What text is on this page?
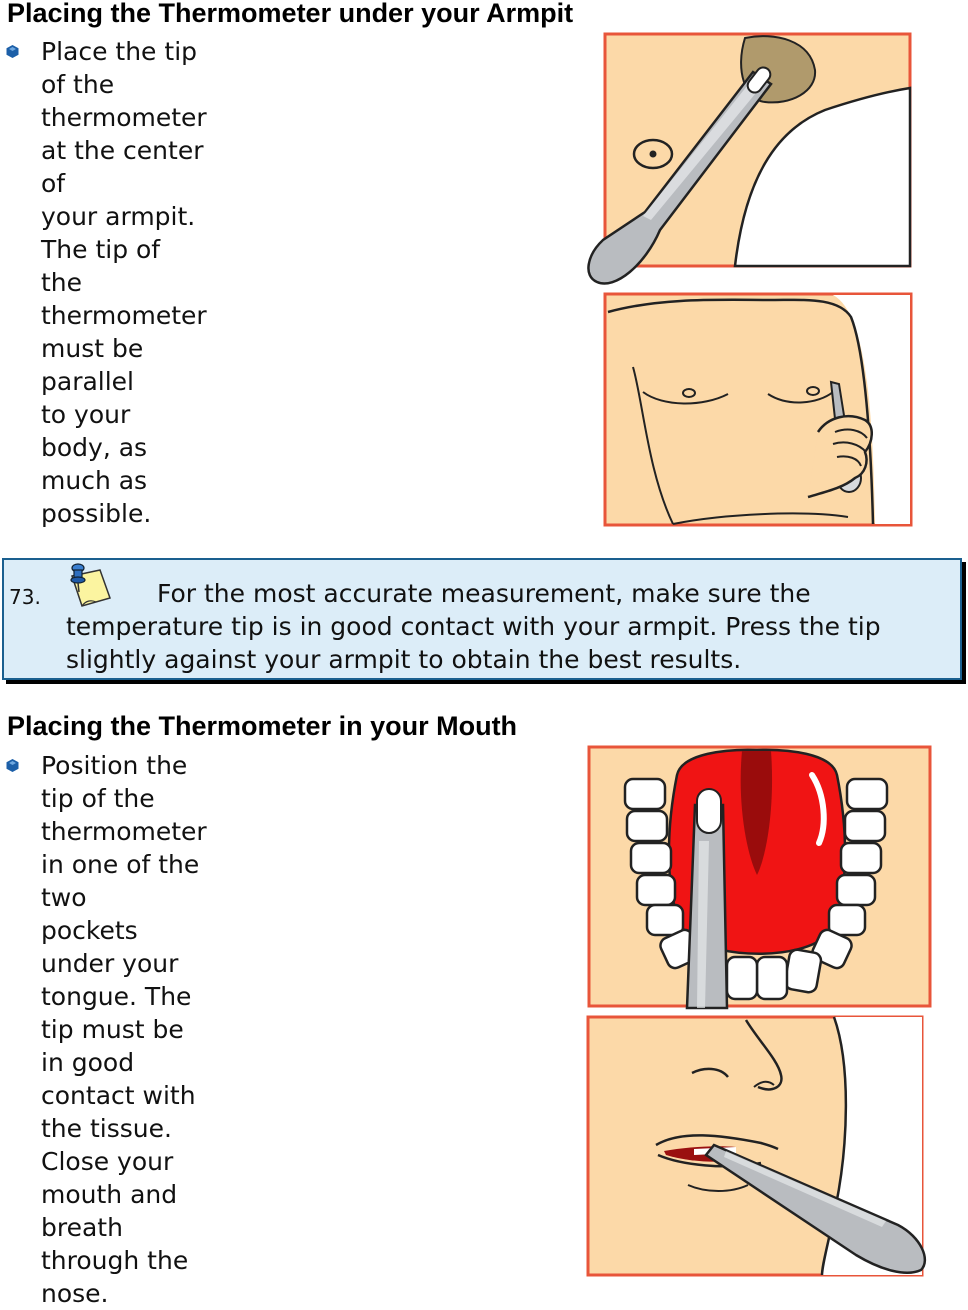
Placing the Thermometer under your Armpit

Place the tip of the
thermometer at the center of
your armpit. The tip of the
thermometer must be parallel
to your body, as much as
possible.

73.	For the most accurate measurement, make sure the

temperature tip is in good contact with your armpit. Press the tip
slightly against your armpit to obtain the best results.

Placing the Thermometer in your Mouth

Position the tip of the
thermometer in one of the two
pockets under your tongue. The
tip must be in good contact with
the tissue. Close your mouth and
breath through the nose.
